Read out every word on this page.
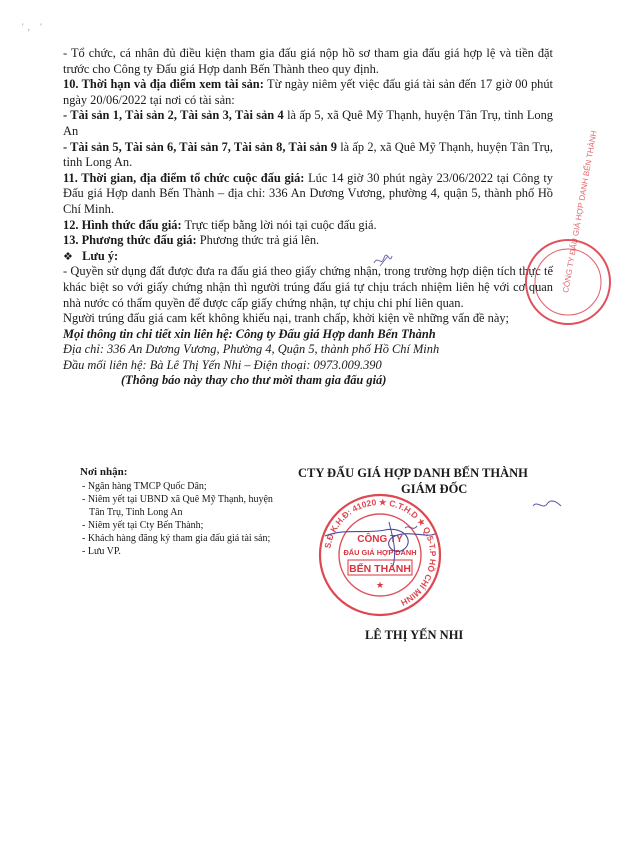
', '

- Tổ chức, cá nhân đủ điều kiện tham gia đấu giá nộp hồ sơ tham gia đấu giá hợp lệ và tiền đặt trước cho Công ty Đấu giá Hợp danh Bến Thành theo quy định.

10. Thời hạn và địa điểm xem tài sản: Từ ngày niêm yết việc đấu giá tài sản đến 17 giờ 00 phút ngày 20/06/2022 tại nơi có tài sản:

- Tài sản 1, Tài sản 2, Tài sản 3, Tài sản 4 là ấp 5, xã Quê Mỹ Thạnh, huyện Tân Trụ, tỉnh Long An

- Tài sản 5, Tài sản 6, Tài sản 7, Tài sản 8, Tài sản 9 là ấp 2, xã Quê Mỹ Thạnh, huyện Tân Trụ, tỉnh Long An.

11. Thời gian, địa điểm tổ chức cuộc đấu giá: Lúc 14 giờ 30 phút ngày 23/06/2022 tại Công ty Đấu giá Hợp danh Bến Thành – địa chỉ: 336 An Dương Vương, phường 4, quận 5, thành phố Hồ Chí Minh.

12. Hình thức đấu giá: Trực tiếp bằng lời nói tại cuộc đấu giá.

13. Phương thức đấu giá: Phương thức trả giá lên.

❖ Lưu ý:

- Quyền sử dụng đất được đưa ra đấu giá theo giấy chứng nhận, trong trường hợp diện tích thực tế khác biệt so với giấy chứng nhận thì người trúng đấu giá tự chịu trách nhiệm liên hệ với cơ quan nhà nước có thẩm quyền để được cấp giấy chứng nhận, tự chịu chi phí liên quan.

Người trúng đấu giá cam kết không khiếu nại, tranh chấp, khởi kiện về những vấn đề này;

Mọi thông tin chi tiết xin liên hệ: Công ty Đấu giá Hợp danh Bến Thành

Địa chỉ: 336 An Dương Vương, Phường 4, Quận 5, thành phố Hồ Chí Minh

Đầu mối liên hệ: Bà Lê Thị Yến Nhi – Điện thoại: 0973.009.390

(Thông báo này thay cho thư mời tham gia đấu giá)

CÔNG TY ĐẤU GIÁ HỢP DANH BẾN THÀNH
Nơi nhận:
- Ngân hàng TMCP Quốc Dân;
- Niêm yết tại UBND xã Quê Mỹ Thạnh, huyện
Tân Trụ, Tỉnh Long An
- Niêm yết tại Cty Bến Thành;
- Khách hàng đăng ký tham gia đấu giá tài sản;
- Lưu VP.
CTY ĐẤU GIÁ HỢP DANH BẾN THÀNH
GIÁM ĐỐC
S.Đ.K.H.Đ: 41020 ★ C.T.H.D ★ Q.5-T.P HỒ CHÍ MINH
CÔNG TY
ĐẤU GIÁ HỢP DANH
BẾN THÀNH
★
LÊ THỊ YẾN NHI
